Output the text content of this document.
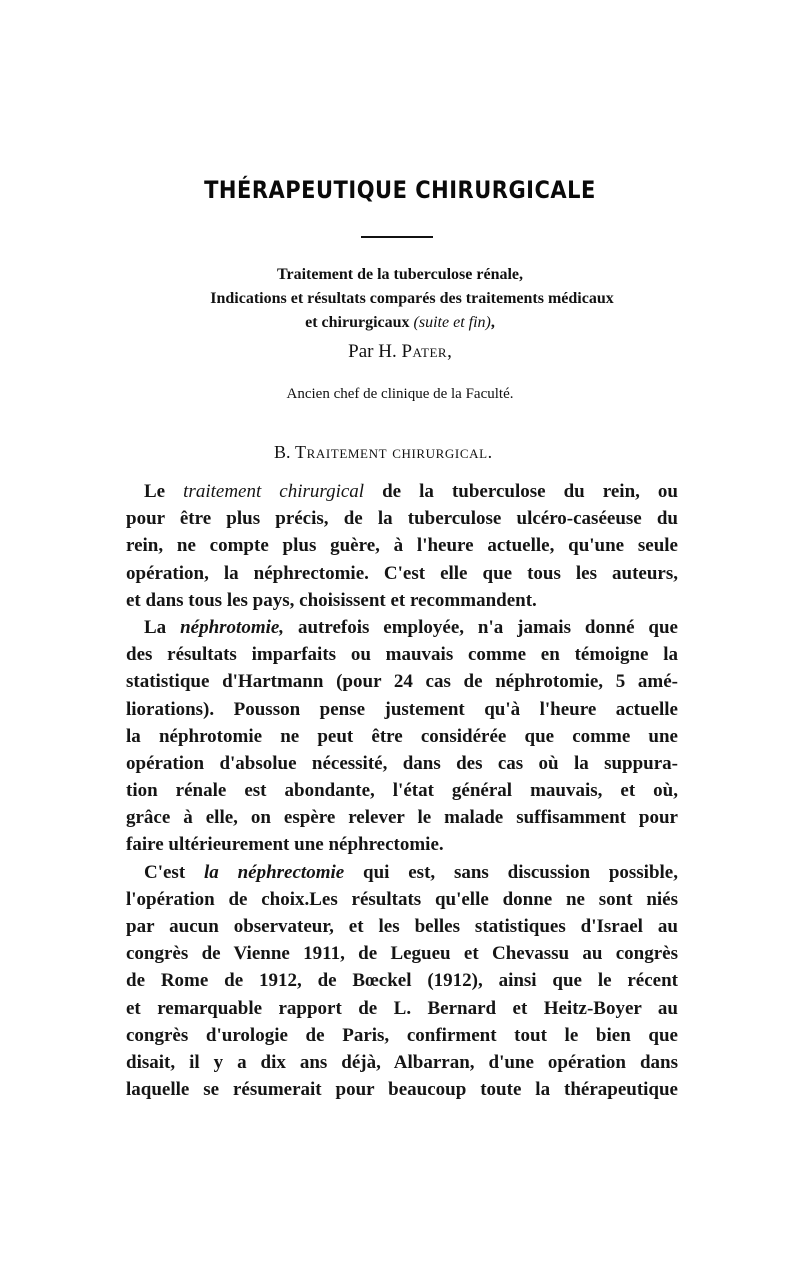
THÉRAPEUTIQUE CHIRURGICALE
Traitement de la tuberculose rénale,
Indications et résultats comparés des traitements médicaux
et chirurgicaux (suite et fin),
Par H. Pater,
Ancien chef de clinique de la Faculté.
B. Traitement chirurgical.
Le traitement chirurgical de la tuberculose du rein, ou
pour être plus précis, de la tuberculose ulcéro-caséeuse du
rein, ne compte plus guère, à l'heure actuelle, qu'une seule
opération, la néphrectomie. C'est elle que tous les auteurs,
et dans tous les pays, choisissent et recommandent.
La néphrotomie, autrefois employée, n'a jamais donné que
des résultats imparfaits ou mauvais comme en témoigne la
statistique d'Hartmann (pour 24 cas de néphrotomie, 5 amé-
liorations). Pousson pense justement qu'à l'heure actuelle
la néphrotomie ne peut être considérée que comme une
opération d'absolue nécessité, dans des cas où la suppura-
tion rénale est abondante, l'état général mauvais, et où,
grâce à elle, on espère relever le malade suffisamment pour
faire ultérieurement une néphrectomie.
C'est la néphrectomie qui est, sans discussion possible,
l'opération de choix.Les résultats qu'elle donne ne sont niés
par aucun observateur, et les belles statistiques d'Israel au
congrès de Vienne 1911, de Legueu et Chevassu au congrès
de Rome de 1912, de Bœckel (1912), ainsi que le récent
et remarquable rapport de L. Bernard et Heitz-Boyer au
congrès d'urologie de Paris, confirment tout le bien que
disait, il y a dix ans déjà, Albarran, d'une opération dans
laquelle se résumerait pour beaucoup toute la thérapeutique
